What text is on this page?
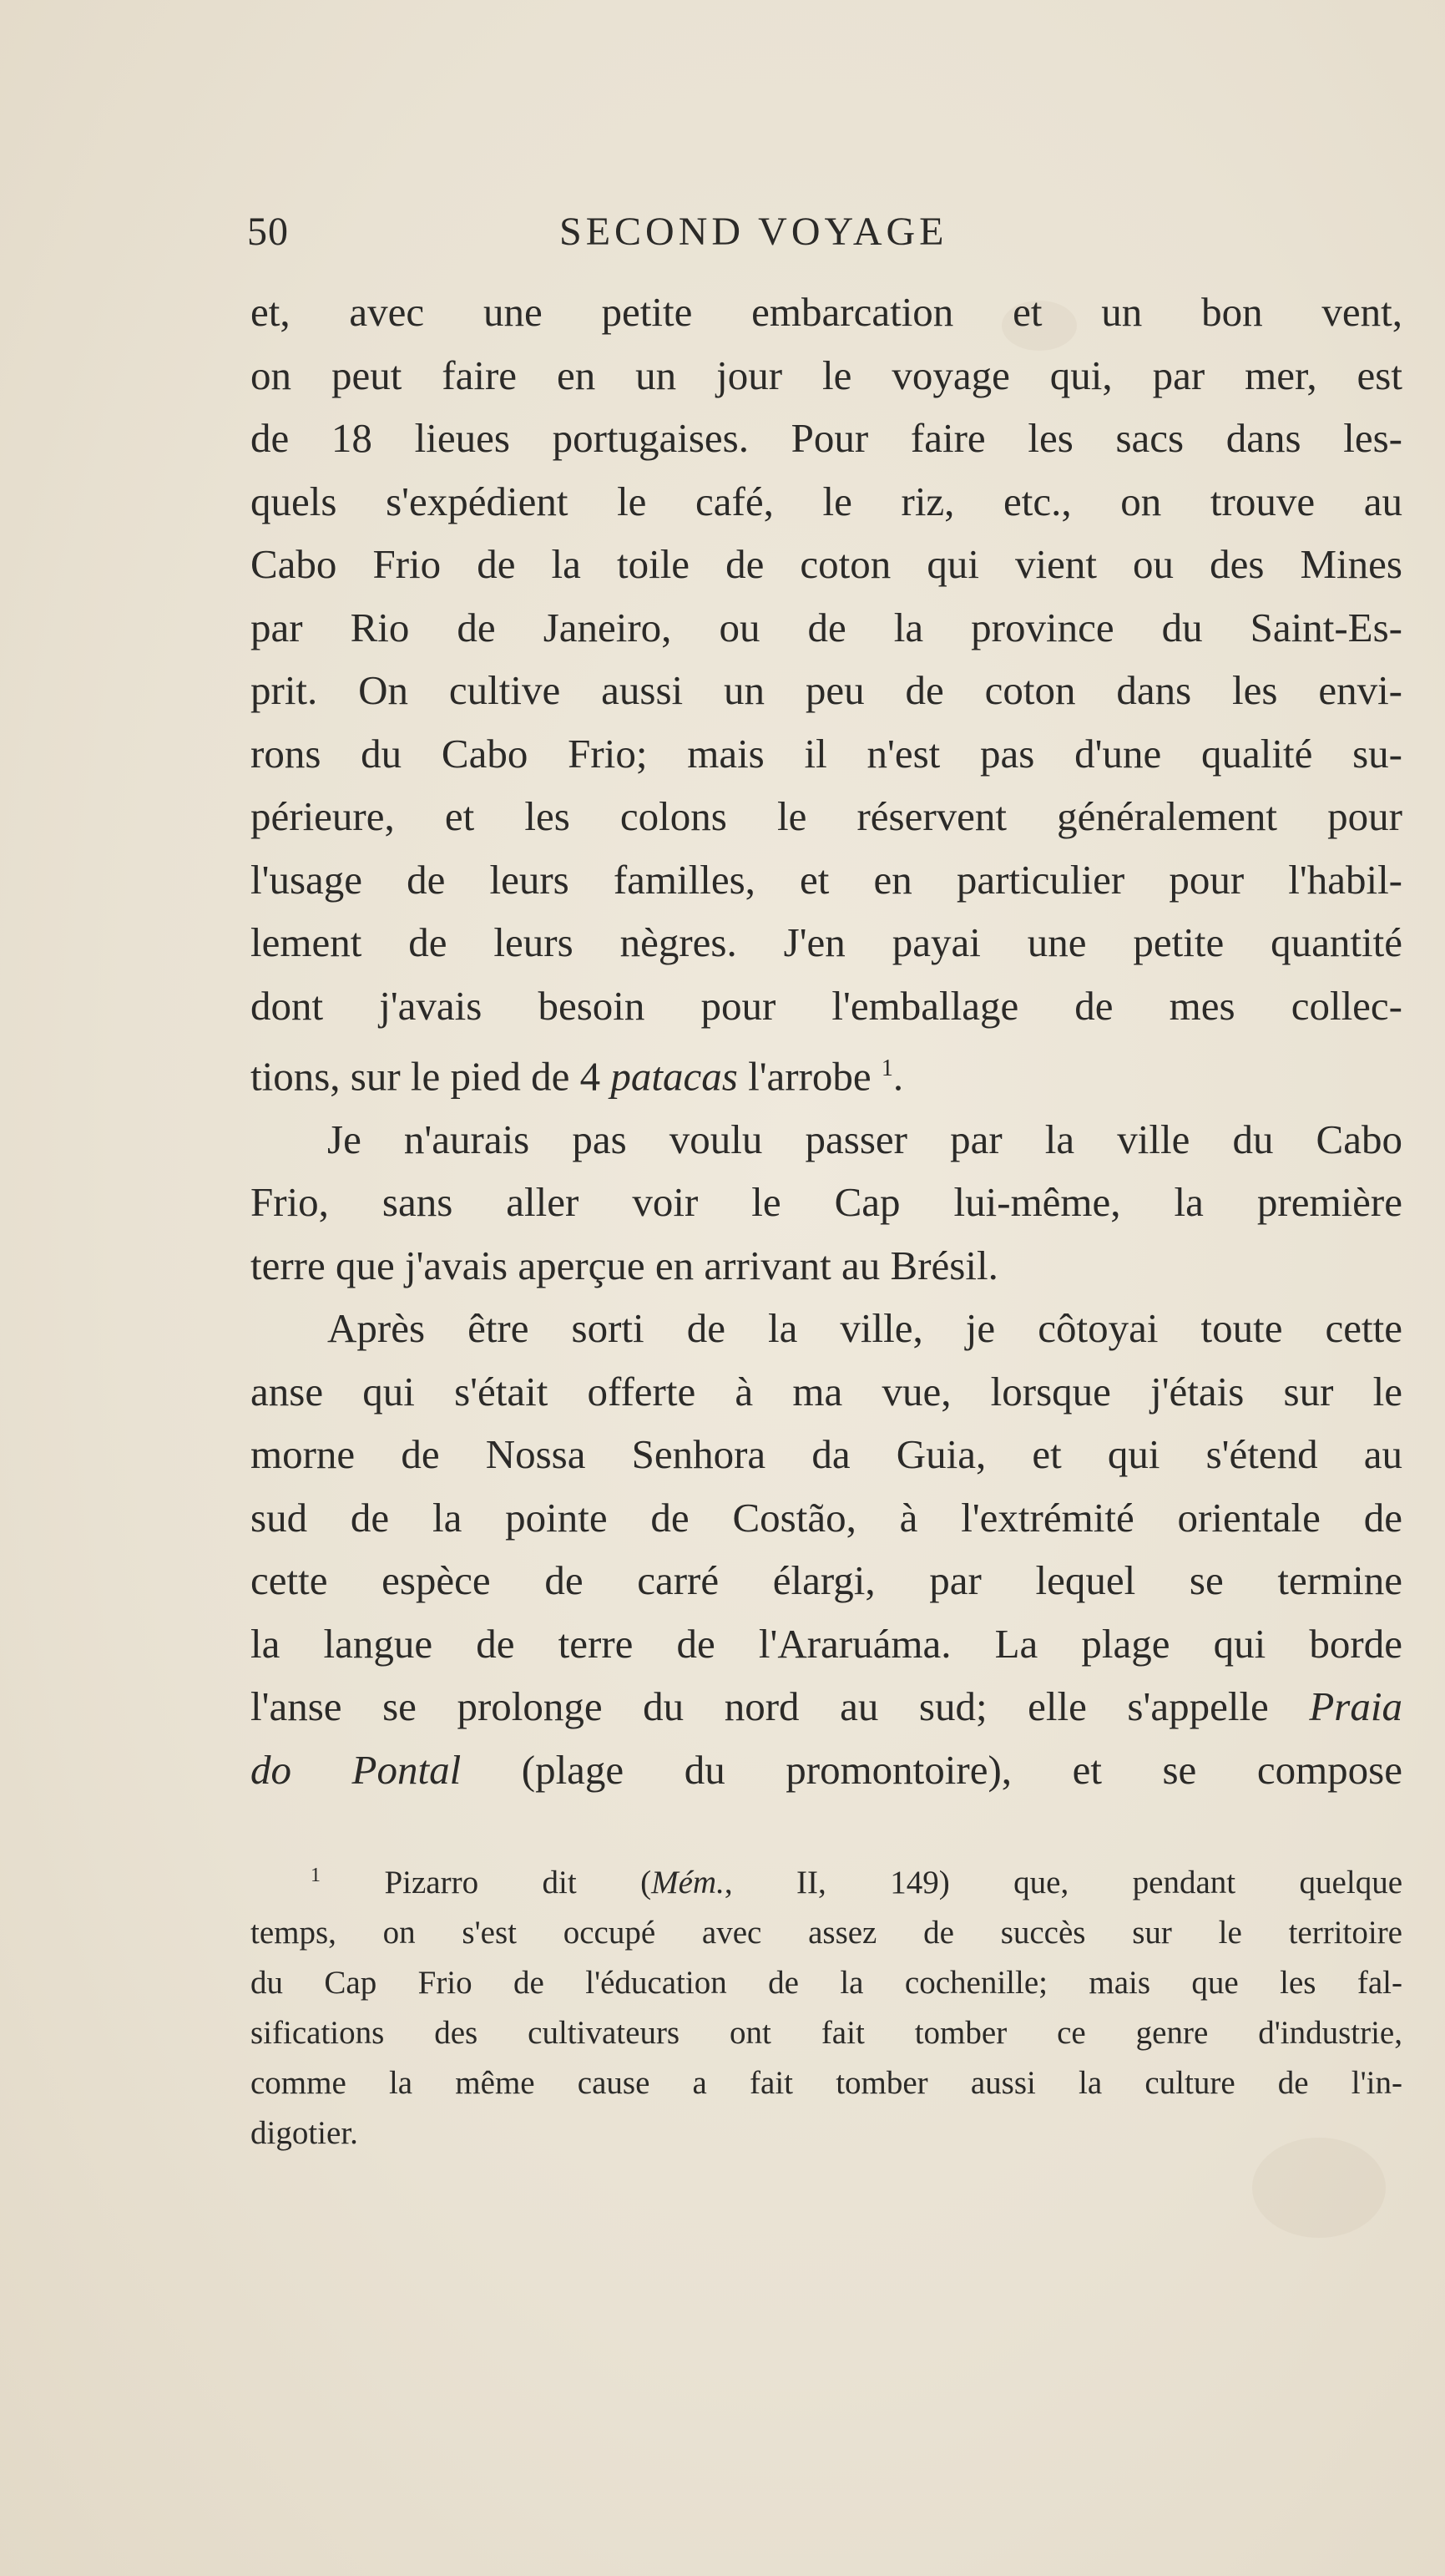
50	SECOND VOYAGE
et, avec une petite embarcation et un bon vent,
on peut faire en un jour le voyage qui, par mer, est
de 18 lieues portugaises. Pour faire les sacs dans les-
quels s'expédient le café, le riz, etc., on trouve au
Cabo Frio de la toile de coton qui vient ou des Mines
par Rio de Janeiro, ou de la province du Saint-Es-
prit. On cultive aussi un peu de coton dans les envi-
rons du Cabo Frio; mais il n'est pas d'une qualité su-
périeure, et les colons le réservent généralement pour
l'usage de leurs familles, et en particulier pour l'habil-
lement de leurs nègres. J'en payai une petite quantité
dont j'avais besoin pour l'emballage de mes collec-
tions, sur le pied de 4 patacas l'arrobe $^1$.
Je n'aurais pas voulu passer par la ville du Cabo
Frio, sans aller voir le Cap lui-même, la première
terre que j'avais aperçue en arrivant au Brésil.
Après être sorti de la ville, je côtoyai toute cette
anse qui s'était offerte à ma vue, lorsque j'étais sur le
morne de Nossa Senhora da Guia, et qui s'étend au
sud de la pointe de Costão, à l'extrémité orientale de
cette espèce de carré élargi, par lequel se termine
la langue de terre de l'Araruáma. La plage qui borde
l'anse se prolonge du nord au sud; elle s'appelle Praia
do Pontal (plage du promontoire), et se compose
$^1$ Pizarro dit (Mém., II, 149) que, pendant quelque
temps, on s'est occupé avec assez de succès sur le territoire
du Cap Frio de l'éducation de la cochenille; mais que les fal-
sifications des cultivateurs ont fait tomber ce genre d'industrie,
comme la même cause a fait tomber aussi la culture de l'in-
digotier.
